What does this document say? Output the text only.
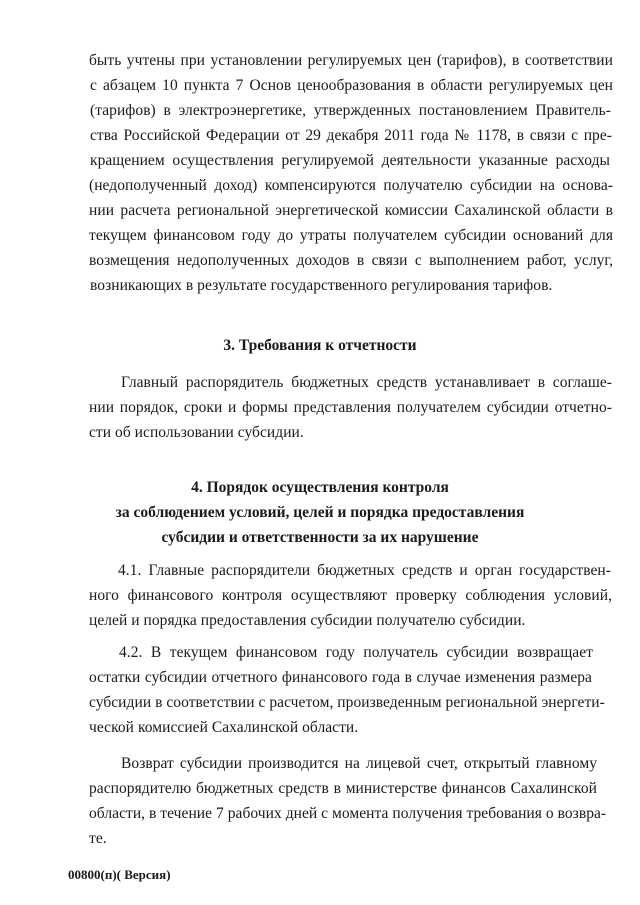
быть учтены при установлении регулируемых цен (тарифов), в соответствии
с абзацем 10 пункта 7 Основ ценообразования в области регулируемых цен
(тарифов) в электроэнергетике, утвержденных постановлением Правитель-
ства Российской Федерации от 29 декабря 2011 года № 1178, в связи с пре-
кращением осуществления регулируемой деятельности указанные расходы
(недополученный доход) компенсируются получателю субсидии на основа-
нии расчета региональной энергетической комиссии Сахалинской области в
текущем финансовом году до утраты получателем субсидии оснований для
возмещения недополученных доходов в связи с выполнением работ, услуг,
возникающих в результате государственного регулирования тарифов.
3. Требования к отчетности
Главный распорядитель бюджетных средств устанавливает в соглаше-
нии порядок, сроки и формы представления получателем субсидии отчетно-
сти об использовании субсидии.
4. Порядок осуществления контроля
за соблюдением условий, целей и порядка предоставления
субсидии и ответственности за их нарушение
4.1. Главные распорядители бюджетных средств и орган государствен-
ного финансового контроля осуществляют проверку соблюдения условий,
целей и порядка предоставления субсидии получателю субсидии.
4.2. В текущем финансовом году получатель субсидии возвращает
остатки субсидии отчетного финансового года в случае изменения размера
субсидии в соответствии с расчетом, произведенным региональной энергети-
ческой комиссией Сахалинской области.
Возврат субсидии производится на лицевой счет, открытый главному
распорядителю бюджетных средств в министерстве финансов Сахалинской
области, в течение 7 рабочих дней с момента получения требования о возвра-
те.
00800(п)( Версия)
